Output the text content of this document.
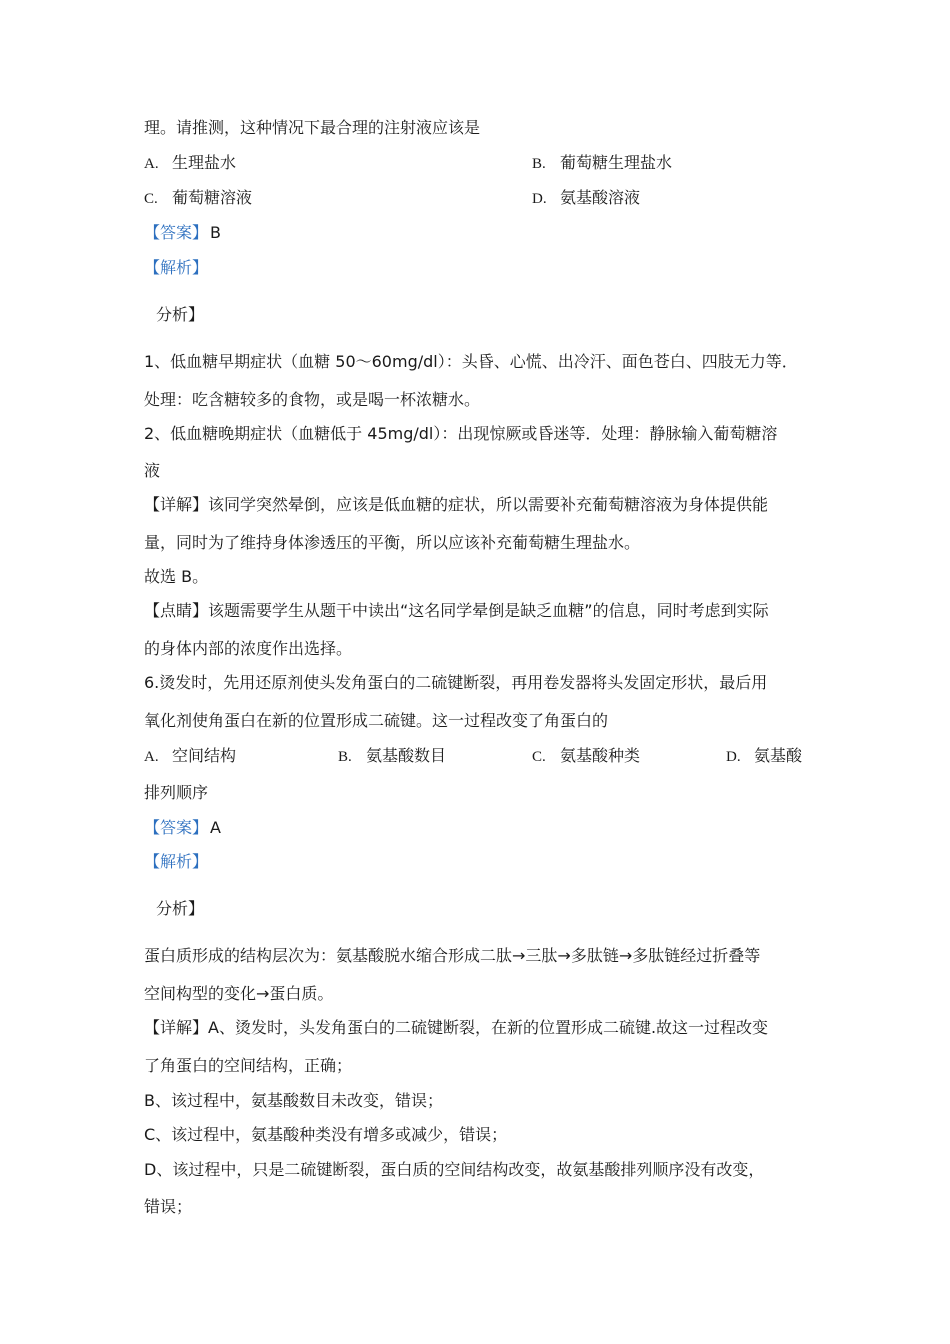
理。请推测，这种情况下最合理的注射液应该是
A. 生理盐水	B. 葡萄糖生理盐水
C. 葡萄糖溶液	D. 氨基酸溶液
【答案】 B
【解析】
分析】
1、低血糖早期症状（血糖 50～60mg/dl）：头昏、心慌、出冷汗、面色苍白、四肢无力等．
处理：吃含糖较多的食物，或是喝一杯浓糖水。
2、低血糖晚期症状（血糖低于 45mg/dl）：出现惊厥或昏迷等．处理：静脉输入葡萄糖溶
液
【详解】该同学突然晕倒，应该是低血糖的症状，所以需要补充葡萄糖溶液为身体提供能
量，同时为了维持身体渗透压的平衡，所以应该补充葡萄糖生理盐水。
故选 B。
【点睛】该题需要学生从题干中读出“这名同学晕倒是缺乏血糖”的信息，同时考虑到实际
的身体内部的浓度作出选择。
6.烫发时，先用还原剂使头发角蛋白的二硫键断裂，再用卷发器将头发固定形状，最后用
氧化剂使角蛋白在新的位置形成二硫键。这一过程改变了角蛋白的
A. 空间结构	B. 氨基酸数目	C. 氨基酸种类	D. 氨基酸
排列顺序
【答案】 A
【解析】
分析】
蛋白质形成的结构层次为：氨基酸脱水缩合形成二肽→三肽→多肽链→多肽链经过折叠等
空间构型的变化→蛋白质。
【详解】A、烫发时，头发角蛋白的二硫键断裂，在新的位置形成二硫键.故这一过程改变
了角蛋白的空间结构，正确；
B、该过程中，氨基酸数目未改变，错误；
C、该过程中，氨基酸种类没有增多或减少，错误；
D、该过程中，只是二硫键断裂，蛋白质的空间结构改变，故氨基酸排列顺序没有改变，
错误；
